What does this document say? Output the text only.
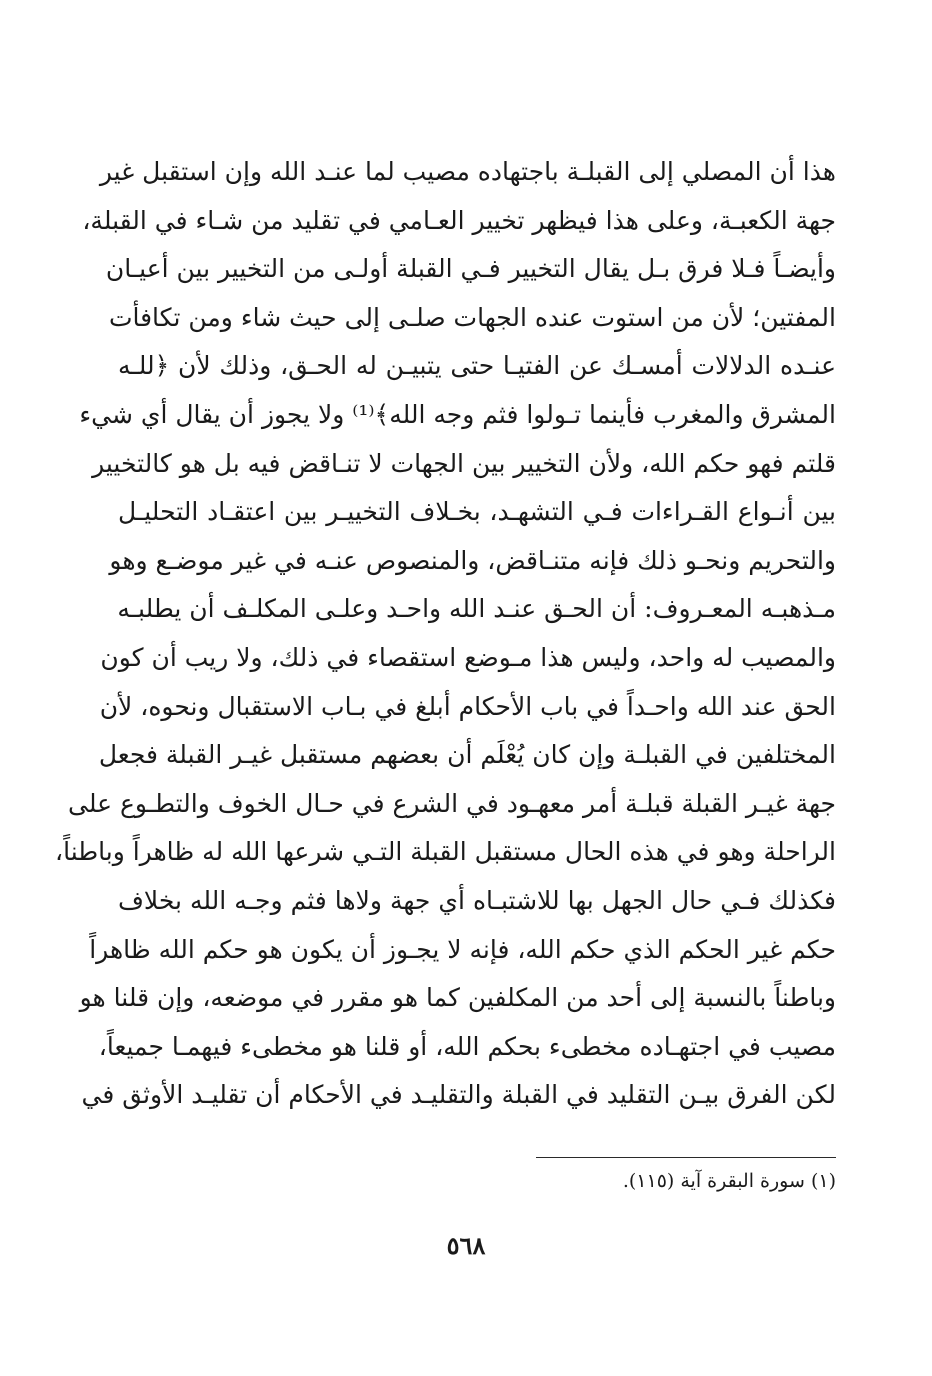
هذا أن المصلي إلى القبلـة باجتهاده مصيب لما عنـد الله وإن استقبل غير
جهة الكعبـة، وعلى هذا فيظهر تخيير العـامي في تقليد من شـاء في القبلة،
وأيضـاً فـلا فرق بـل يقال التخيير فـي القبلة أولـى من التخيير بين أعيـان
المفتين؛ لأن من استوت عنده الجهات صلـى إلى حيث شاء ومن تكافأت
عنـده الدلالات أمسـك عن الفتيـا حتى يتبيـن له الحـق، وذلك لأن ﴿للـه
المشرق والمغرب فأينما تـولوا فثم وجه الله﴾⁽¹⁾ ولا يجوز أن يقال أي شيء
قلتم فهو حكم الله، ولأن التخيير بين الجهات لا تنـاقض فيه بل هو كالتخيير
بين أنـواع القـراءات فـي التشهـد، بخـلاف التخييـر بين اعتقـاد التحليـل
والتحريم ونحـو ذلك فإنه متنـاقض، والمنصوص عنـه في غير موضـع وهو
مـذهبـه المعـروف: أن الحـق عنـد الله واحـد وعلـى المكلـف أن يطلبـه
والمصيب له واحد، وليس هذا مـوضع استقصاء في ذلك، ولا ريب أن كون
الحق عند الله واحـداً في باب الأحكام أبلغ في بـاب الاستقبال ونحوه، لأن
المختلفين في القبلـة وإن كان يُعْلَم أن بعضهم مستقبل غيـر القبلة فجعل
جهة غيـر القبلة قبلـة أمر معهـود في الشرع في حـال الخوف والتطـوع على
الراحلة وهو في هذه الحال مستقبل القبلة التـي شرعها الله له ظاهراً وباطناً،
فكذلك فـي حال الجهل بها للاشتبـاه أي جهة ولاها فثم وجـه الله بخلاف
حكم غير الحكم الذي حكم الله، فإنه لا يجـوز أن يكون هو حكم الله ظاهراً
وباطناً بالنسبة إلى أحد من المكلفين كما هو مقرر في موضعه، وإن قلنا هو
مصيب في اجتهـاده مخطىء بحكم الله، أو قلنا هو مخطىء فيهمـا جميعاً،
لكن الفرق بيـن التقليد في القبلة والتقليـد في الأحكام أن تقليـد الأوثق في
(١) سورة البقرة آية (١١٥).
٥٦٨
